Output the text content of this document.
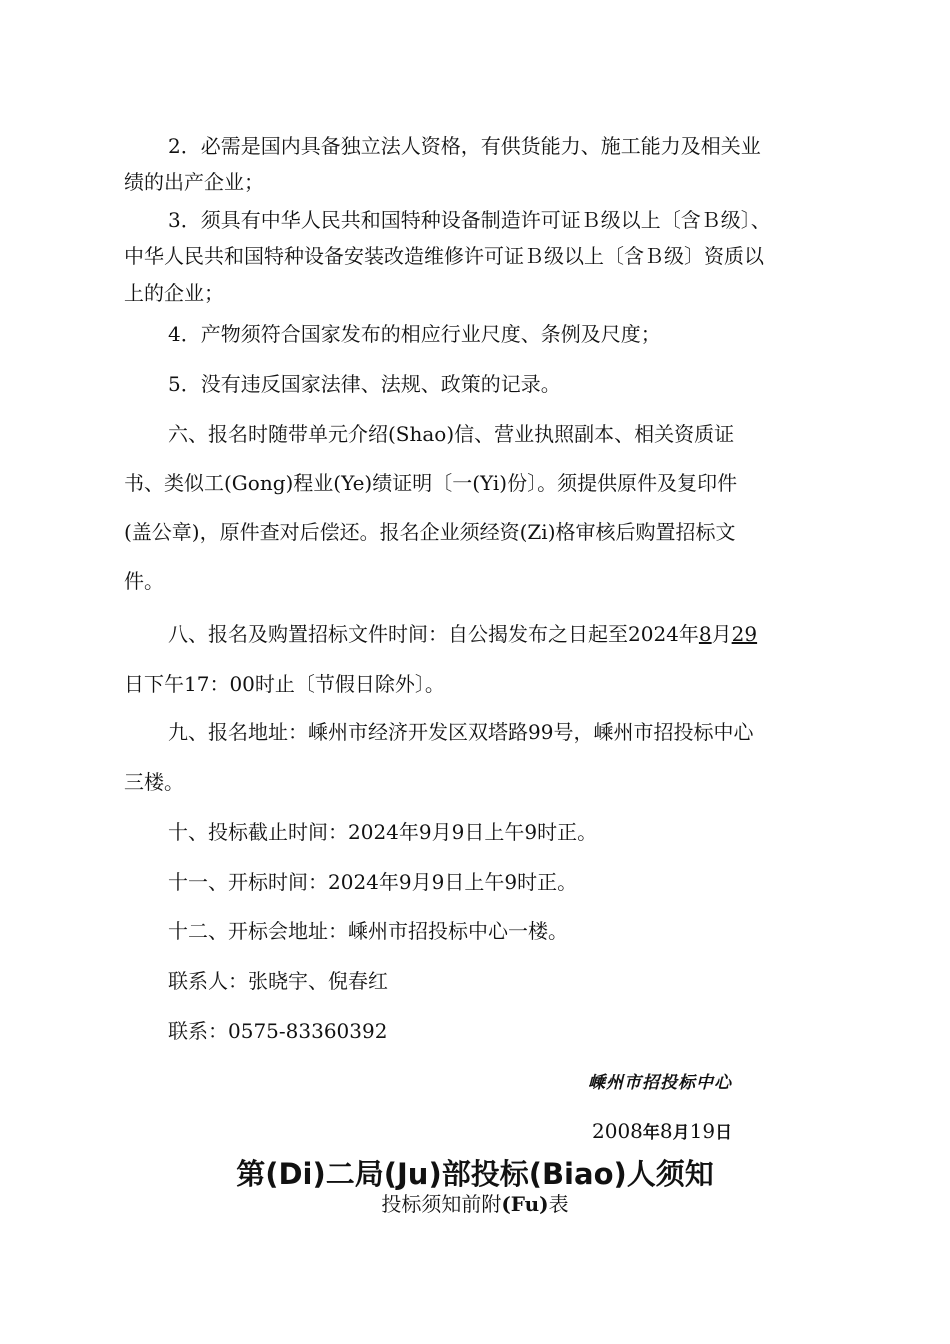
2．必需是国内具备独立法人资格，有供货能力、施工能力及相关业
绩的出产企业；
3．须具有中华人民共和国特种设备制造许可证Ｂ级以上〔含Ｂ级〕、
中华人民共和国特种设备安装改造维修许可证Ｂ级以上〔含Ｂ级〕资质以
上的企业；
4．产物须符合国家发布的相应行业尺度、条例及尺度；
5．没有违反国家法律、法规、政策的记录。
六、报名时随带单元介绍(Shao)信、营业执照副本、相关资质证
书、类似工(Gong)程业(Ye)绩证明〔一(Yi)份〕。须提供原件及复印件
(盖公章)，原件查对后偿还。报名企业须经资(Zi)格审核后购置招标文
件。
八、报名及购置招标文件时间：自公揭发布之日起至2024年8月29
日下午17：00时止〔节假日除外〕。
九、报名地址：嵊州市经济开发区双塔路99号，嵊州市招投标中心
三楼。
十、投标截止时间：2024年9月9日上午9时正。
十一、开标时间：2024年9月9日上午9时正。
十二、开标会地址：嵊州市招投标中心一楼。
联系人：张晓宇、倪春红
联系：0575-83360392
嵊州市招投标中心
2008年8月19日
第(Di)二局(Ju)部投标(Biao)人须知
投标须知前附(Fu)表
